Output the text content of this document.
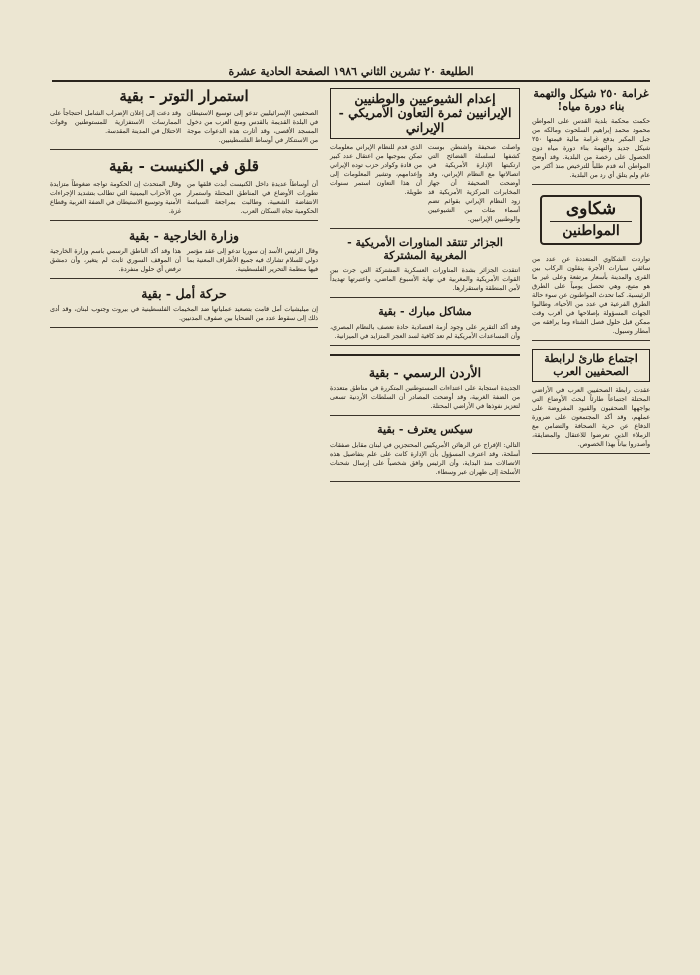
الطليعة ٢٠ تشرين الثاني ١٩٨٦ الصفحة الحادية عشرة
غرامة ٢٥٠ شيكل والتهمة بناء دورة مياه!
حكمت محكمة بلدية القدس على المواطن محمود محمد إبراهيم السلحوت ومالكه من جبل المكبر بدفع غرامة مالية قيمتها ٢٥٠ شيكل جديد والتهمة بناء دورة مياه دون الحصول على رخصة من البلدية. وقد أوضح المواطن أنه قدم طلباً للترخيص منذ أكثر من عام ولم يتلق أي رد من البلدية.
شكاوى
المواطنين
تواردت الشكاوي المتعددة عن عدد من سائقي سيارات الأجرة ينقلون الركاب بين القرى والمدينة بأسعار مرتفعة وعلى غير ما هو متبع، وهي تحصل يومياً على الطرق الرئيسية. كما تحدث المواطنون عن سوء حالة الطرق الفرعية في عدد من الأحياء، وطالبوا الجهات المسؤولة بإصلاحها في أقرب وقت ممكن قبل حلول فصل الشتاء وما يرافقه من أمطار وسيول.
اجتماع طارئ لرابطة الصحفيين العرب
عقدت رابطة الصحفيين العرب في الأراضي المحتلة اجتماعاً طارئاً لبحث الأوضاع التي يواجهها الصحفيون والقيود المفروضة على عملهم، وقد أكد المجتمعون على ضرورة الدفاع عن حرية الصحافة والتضامن مع الزملاء الذين تعرضوا للاعتقال والمضايقة، وأصدروا بياناً بهذا الخصوص.
إعدام الشيوعيين والوطنيين الإيرانيين ثمرة التعاون الأمريكي - الإيراني
واصلت صحيفة واشنطن بوست كشفها لسلسلة الفضائح التي ارتكبتها الإدارة الأمريكية في اتصالاتها مع النظام الإيراني، وقد أوضحت الصحيفة أن جهاز المخابرات المركزية الأمريكية قد زود النظام الإيراني بقوائم تضم أسماء مئات من الشيوعيين والوطنيين الإيرانيين.
الذي قدم للنظام الإيراني معلومات تمكن بموجبها من اعتقال عدد كبير من قادة وكوادر حزب توده الإيراني وإعدامهم، وتشير المعلومات إلى أن هذا التعاون استمر سنوات طويلة.
الجزائر تنتقد المناورات الأمريكية - المغربية المشتركة
انتقدت الجزائر بشدة المناورات العسكرية المشتركة التي جرت بين القوات الأمريكية والمغربية في نهاية الأسبوع الماضي، واعتبرتها تهديداً لأمن المنطقة واستقرارها.
مشاكل مبارك - بقية
وقد أكد التقرير على وجود أزمة اقتصادية حادة تعصف بالنظام المصري، وأن المساعدات الأمريكية لم تعد كافية لسد العجز المتزايد في الميزانية.
الأردن الرسمي - بقية
الجديدة استجابة على اعتداءات المستوطنين المتكررة في مناطق متعددة من الضفة الغربية، وقد أوضحت المصادر أن السلطات الأردنية تسعى لتعزيز نفوذها في الأراضي المحتلة.
سيكس يعترف - بقية
التالي: الإفراج عن الرهائن الأمريكيين المحتجزين في لبنان مقابل صفقات أسلحة، وقد اعترف المسؤول بأن الإدارة كانت على علم بتفاصيل هذه الاتصالات منذ البداية، وأن الرئيس وافق شخصياً على إرسال شحنات الأسلحة إلى طهران عبر وسطاء.
استمرار التوتر - بقية
الصحفيين الإسرائيليين تدعو إلى توسيع الاستيطان في البلدة القديمة بالقدس ومنع العرب من دخول المسجد الأقصى، وقد أثارت هذه الدعوات موجة من الاستنكار في أوساط الفلسطينيين.
وقد دعت إلى إعلان الإضراب الشامل احتجاجاً على الممارسات الاستفزازية للمستوطنين وقوات الاحتلال في المدينة المقدسة.
قلق في الكنيست - بقية
أن أوساطاً عديدة داخل الكنيست أبدت قلقها من تطورات الأوضاع في المناطق المحتلة واستمرار الانتفاضة الشعبية، وطالبت بمراجعة السياسة الحكومية تجاه السكان العرب.
وقال المتحدث إن الحكومة تواجه ضغوطاً متزايدة من الأحزاب اليمينية التي تطالب بتشديد الإجراءات الأمنية وتوسيع الاستيطان في الضفة الغربية وقطاع غزة.
وزارة الخارجية - بقية
وقال الرئيس الأسد إن سوريا تدعو إلى عقد مؤتمر دولي للسلام تشارك فيه جميع الأطراف المعنية بما فيها منظمة التحرير الفلسطينية.
هذا وقد أكد الناطق الرسمي باسم وزارة الخارجية أن الموقف السوري ثابت لم يتغير، وأن دمشق ترفض أي حلول منفردة.
حركة أمل - بقية
إن ميليشيات أمل قامت بتصعيد عملياتها ضد المخيمات الفلسطينية في بيروت وجنوب لبنان، وقد أدى ذلك إلى سقوط عدد من الضحايا بين صفوف المدنيين.
